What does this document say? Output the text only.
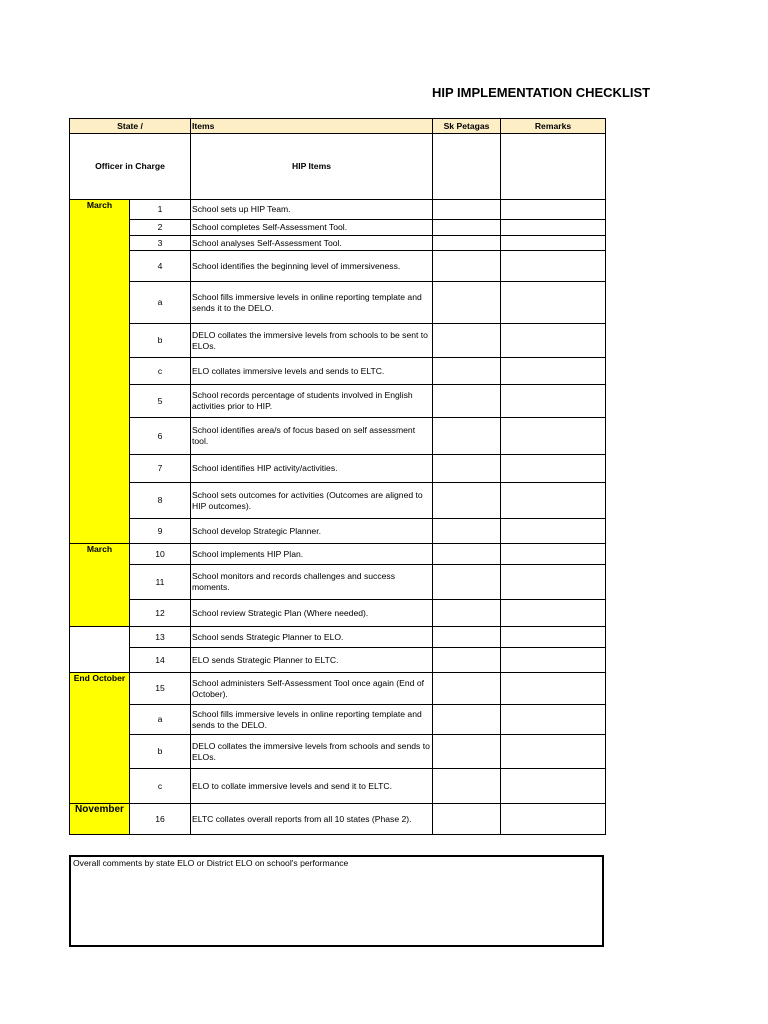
HIP IMPLEMENTATION CHECKLIST
State /		Items	Sk Petagas	Remarks
Officer in Charge		HIP Items		
March	1	School sets up HIP Team.		
	2	School completes Self-Assessment Tool.		
	3	School analyses Self-Assessment Tool.		
	4	School identifies the beginning level of immersiveness.		
	a	School fills immersive levels in online reporting template and sends it to the DELO.		
	b	DELO collates the immersive levels from schools to be sent to ELOs.		
	c	ELO collates immersive levels and sends to ELTC.		
	5	School records percentage of students involved in English activities prior to HIP.		
	6	School identifies area/s of focus based on self assessment tool.		
	7	School identifies HIP activity/activities.		
	8	School sets outcomes for activities (Outcomes are aligned to HIP outcomes).		
	9	School develop Strategic Planner.		
March	10	School implements HIP Plan.		
	11	School monitors and records challenges and success moments.		
	12	School review Strategic Plan (Where needed).		
	13	School sends Strategic Planner to ELO.		
	14	ELO sends Strategic Planner to ELTC.		
End October	15	School administers Self-Assessment Tool once again (End of October).		
	a	School fills immersive levels in online reporting template and sends to the DELO.		
	b	DELO collates the immersive levels from schools and sends to ELOs.		
	c	ELO to collate immersive levels and send it to ELTC.		
November	16	ELTC collates overall reports from all 10 states (Phase 2).		
Overall comments by state ELO or District ELO on school's performance
